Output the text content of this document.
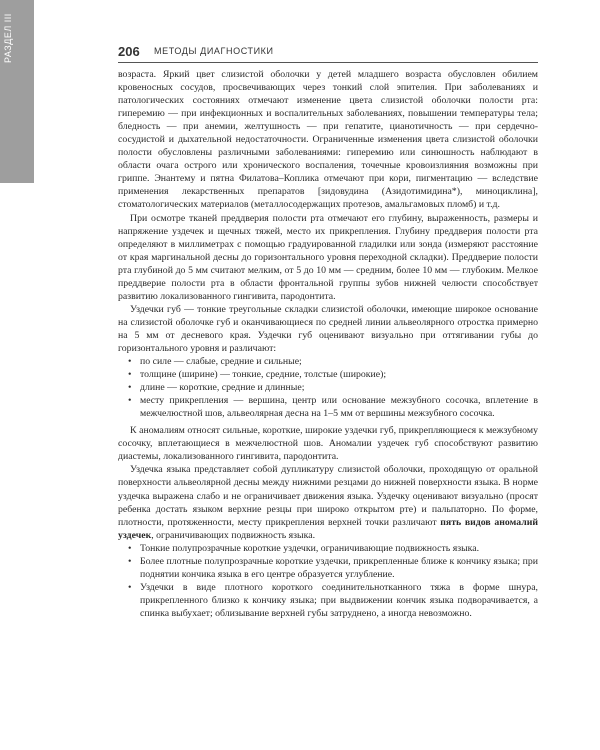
РАЗДЕЛ III	206 МЕТОДЫ ДИАГНОСТИКИ

возраста. Яркий цвет слизистой оболочки у детей младшего возраста обусловлен обилием кровеносных сосудов, просвечивающих через тонкий слой эпителия. При заболеваниях и патологических состояниях отмечают изменение цвета слизистой оболочки полости рта: гиперемию — при инфекционных и воспалительных заболеваниях, повышении температуры тела; бледность — при анемии, желтушность — при гепатите, цианотичность — при сердечно-сосудистой и дыхательной недостаточности. Ограниченные изменения цвета слизистой оболочки полости обусловлены различными заболеваниями: гиперемию или синюшность наблюдают в области очага острого или хронического воспаления, точечные кровоизлияния возможны при гриппе. Энантему и пятна Филатова–Коплика отмечают при кори, пигментацию — вследствие применения лекарственных препаратов [зидовудина (Азидотимидина*), миноциклина], стоматологических материалов (металлосодержащих протезов, амальгамовых пломб) и т.д.

При осмотре тканей преддверия полости рта отмечают его глубину, выраженность, размеры и напряжение уздечек и щечных тяжей, место их прикрепления. Глубину преддверия полости рта определяют в миллиметрах с помощью градуированной гладилки или зонда (измеряют расстояние от края маргинальной десны до горизонтального уровня переходной складки). Преддверие полости рта глубиной до 5 мм считают мелким, от 5 до 10 мм — средним, более 10 мм — глубоким. Мелкое преддверие полости рта в области фронтальной группы зубов нижней челюсти способствует развитию локализованного гингивита, пародонтита.

Уздечки губ — тонкие треугольные складки слизистой оболочки, имеющие широкое основание на слизистой оболочке губ и оканчивающиеся по средней линии альвеолярного отростка примерно на 5 мм от десневого края. Уздечки губ оценивают визуально при оттягивании губы до горизонтального уровня и различают:

• по силе — слабые, средние и сильные;
• толщине (ширине) — тонкие, средние, толстые (широкие);
• длине — короткие, средние и длинные;
• месту прикрепления — вершина, центр или основание межзубного сосочка, вплетение в межчелюстной шов, альвеолярная десна на 1–5 мм от вершины межзубного сосочка.

К аномалиям относят сильные, короткие, широкие уздечки губ, прикрепляющиеся к межзубному сосочку, вплетающиеся в межчелюстной шов. Аномалии уздечек губ способствуют развитию диастемы, локализованного гингивита, пародонтита.

Уздечка языка представляет собой дупликатуру слизистой оболочки, проходящую от оральной поверхности альвеолярной десны между нижними резцами до нижней поверхности языка. В норме уздечка выражена слабо и не ограничивает движения языка. Уздечку оценивают визуально (просят ребенка достать языком верхние резцы при широко открытом рте) и пальпаторно. По форме, плотности, протяженности, месту прикрепления верхней точки различают пять видов аномалий уздечек, ограничивающих подвижность языка.

• Тонкие полупрозрачные короткие уздечки, ограничивающие подвижность языка.
• Более плотные полупрозрачные короткие уздечки, прикрепленные ближе к кончику языка; при поднятии кончика языка в его центре образуется углубление.
• Уздечки в виде плотного короткого соединительнотканного тяжа в форме шнура, прикрепленного близко к кончику языка; при выдвижении кончик языка подворачивается, а спинка выбухает; облизывание верхней губы затруднено, а иногда невозможно.
